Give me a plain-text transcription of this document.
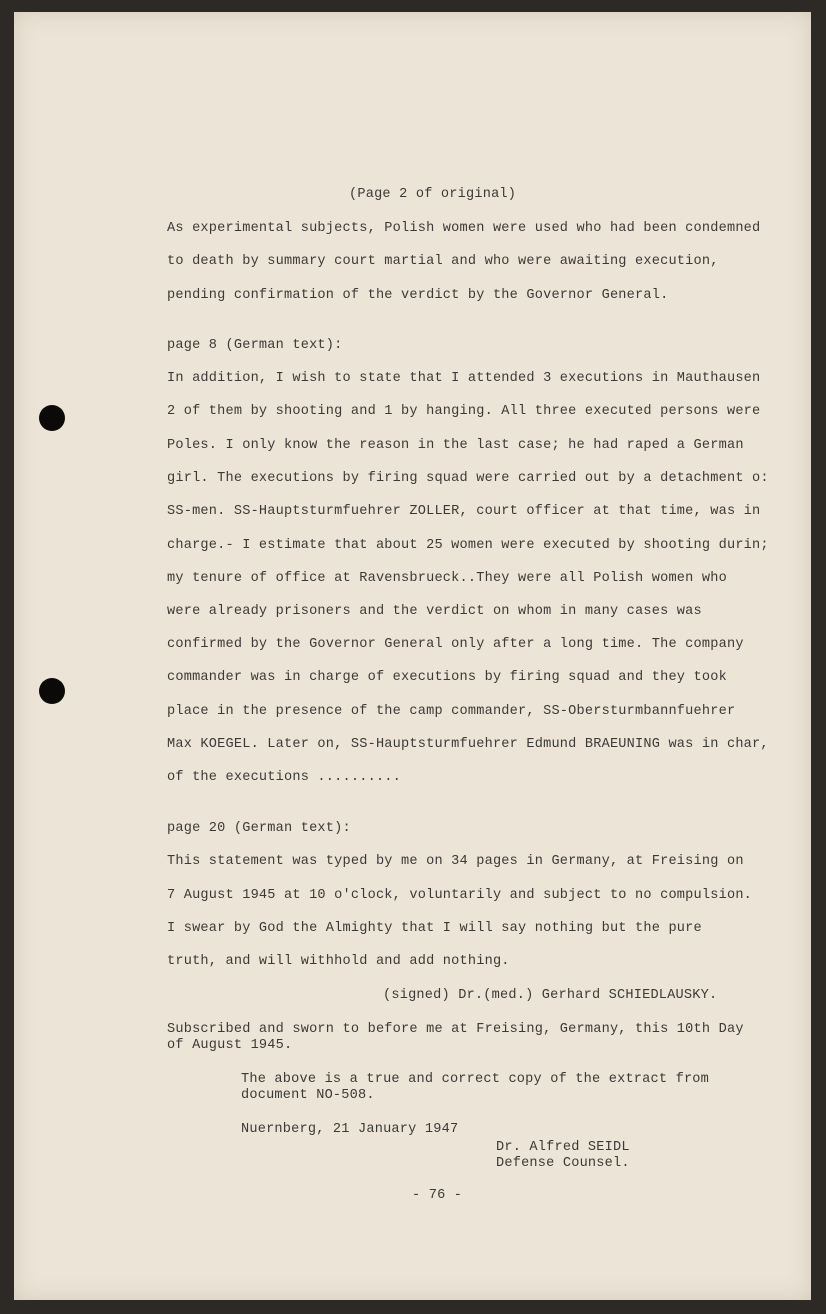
(Page 2 of original)
As experimental subjects, Polish women were used who had been condemned
to death by summary court martial and who were awaiting execution,
pending confirmation of the verdict by the Governor General.
page 8 (German text):
In addition, I wish to state that I attended 3 executions in Mauthausen
2 of them by shooting and 1 by hanging. All three executed persons were
Poles. I only know the reason in the last case; he had raped a German
girl. The executions by firing squad were carried out by a detachment o:
SS-men. SS-Hauptsturmfuehrer ZOLLER, court officer at that time, was in
charge.- I estimate that about 25 women were executed by shooting durin;
my tenure of office at Ravensbrueck..They were all Polish women who
were already prisoners and the verdict on whom in many cases was
confirmed by the Governor General only after a long time. The company
commander was in charge of executions by firing squad and they took
place in the presence of the camp commander, SS-Obersturmbannfuehrer
Max KOEGEL. Later on, SS-Hauptsturmfuehrer Edmund BRAEUNING was in char,
of the executions ..........
page 20 (German text):
This statement was typed by me on 34 pages in Germany, at Freising on
7 August 1945 at 10 o'clock, voluntarily and subject to no compulsion.
I swear by God the Almighty that I will say nothing but the pure
truth, and will withhold and add nothing.
(signed) Dr.(med.) Gerhard SCHIEDLAUSKY.
Subscribed and sworn to before me at Freising, Germany, this 10th Day
of August 1945.
The above is a true and correct copy of the extract from
document NO-508.
Nuernberg, 21 January 1947
Dr. Alfred SEIDL
Defense Counsel.
- 76 -
